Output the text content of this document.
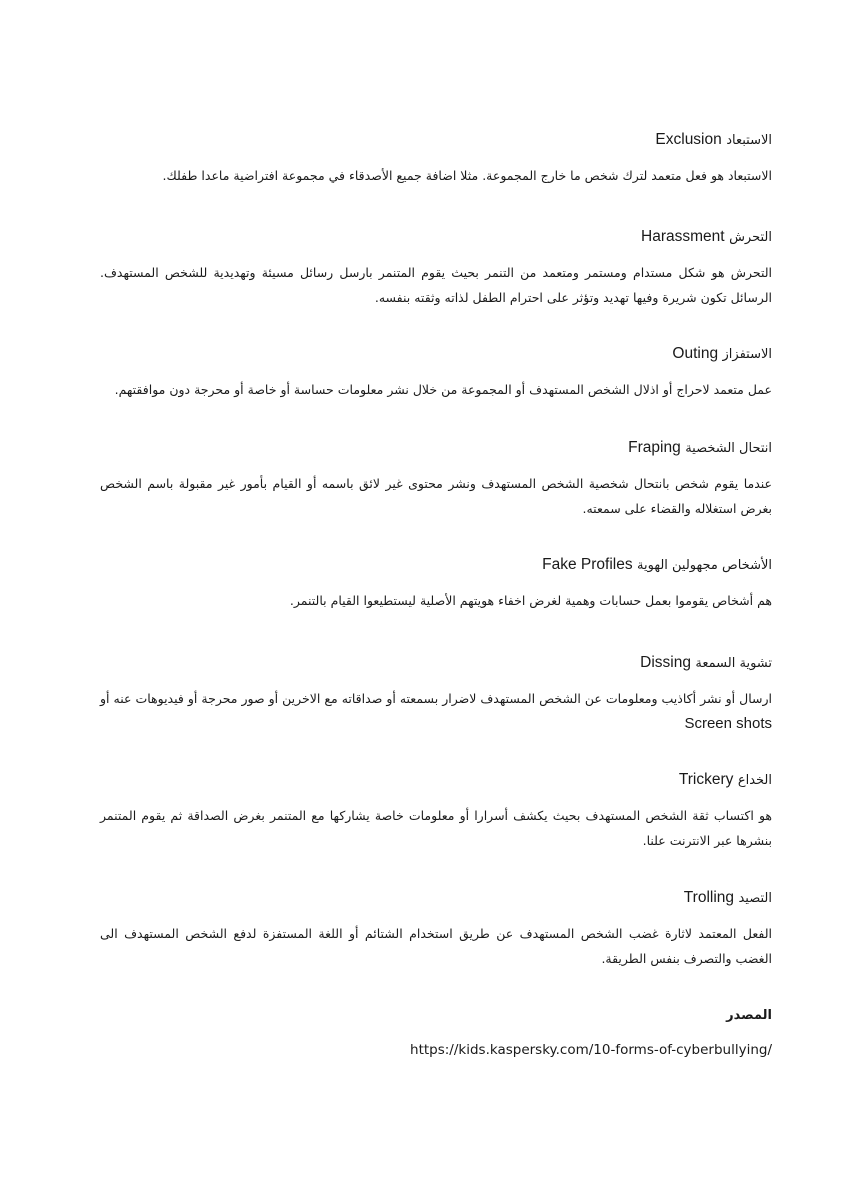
الاستبعاد Exclusion

الاستبعاد هو فعل متعمد لترك شخص ما خارج المجموعة. مثلا اضافة جميع الأصدقاء في مجموعة افتراضية ماعدا طفلك.

التحرش Harassment

التحرش هو شكل مستدام ومستمر ومتعمد من التنمر بحيث يقوم المتنمر بارسل رسائل مسيئة وتهديدية للشخص المستهدف. الرسائل تكون شريرة وفيها تهديد وتؤثر على احترام الطفل لذاته وثقته بنفسه.

الاستفزاز Outing

عمل متعمد لاحراج أو اذلال الشخص المستهدف أو المجموعة من خلال نشر معلومات حساسة أو خاصة أو محرجة دون موافقتهم.

انتحال الشخصية Fraping

عندما يقوم شخص بانتحال شخصية الشخص المستهدف ونشر محتوى غير لائق باسمه أو القيام بأمور غير مقبولة باسم الشخص بغرض استغلاله والقضاء على سمعته.

الأشخاص مجهولين الهوية Fake Profiles

هم أشخاص يقوموا بعمل حسابات وهمية لغرض اخفاء هويتهم الأصلية ليستطيعوا القيام بالتنمر.

تشوية السمعة Dissing

ارسال أو نشر أكاذيب ومعلومات عن الشخص المستهدف لاضرار بسمعته أو صداقاته مع الاخرين أو صور محرجة أو فيديوهات عنه أو Screen shots

الخداع Trickery

هو اكتساب ثقة الشخص المستهدف بحيث يكشف أسرارا أو معلومات خاصة يشاركها مع المتنمر بغرض الصداقة ثم يقوم المتنمر بنشرها عبر الانترنت علنا.

التصيد Trolling

الفعل المعتمد لاثارة غضب الشخص المستهدف عن طريق استخدام الشتائم أو اللغة المستفزة لدفع الشخص المستهدف الى الغضب والتصرف بنفس الطريقة.

المصدر

https://kids.kaspersky.com/10-forms-of-cyberbullying/
